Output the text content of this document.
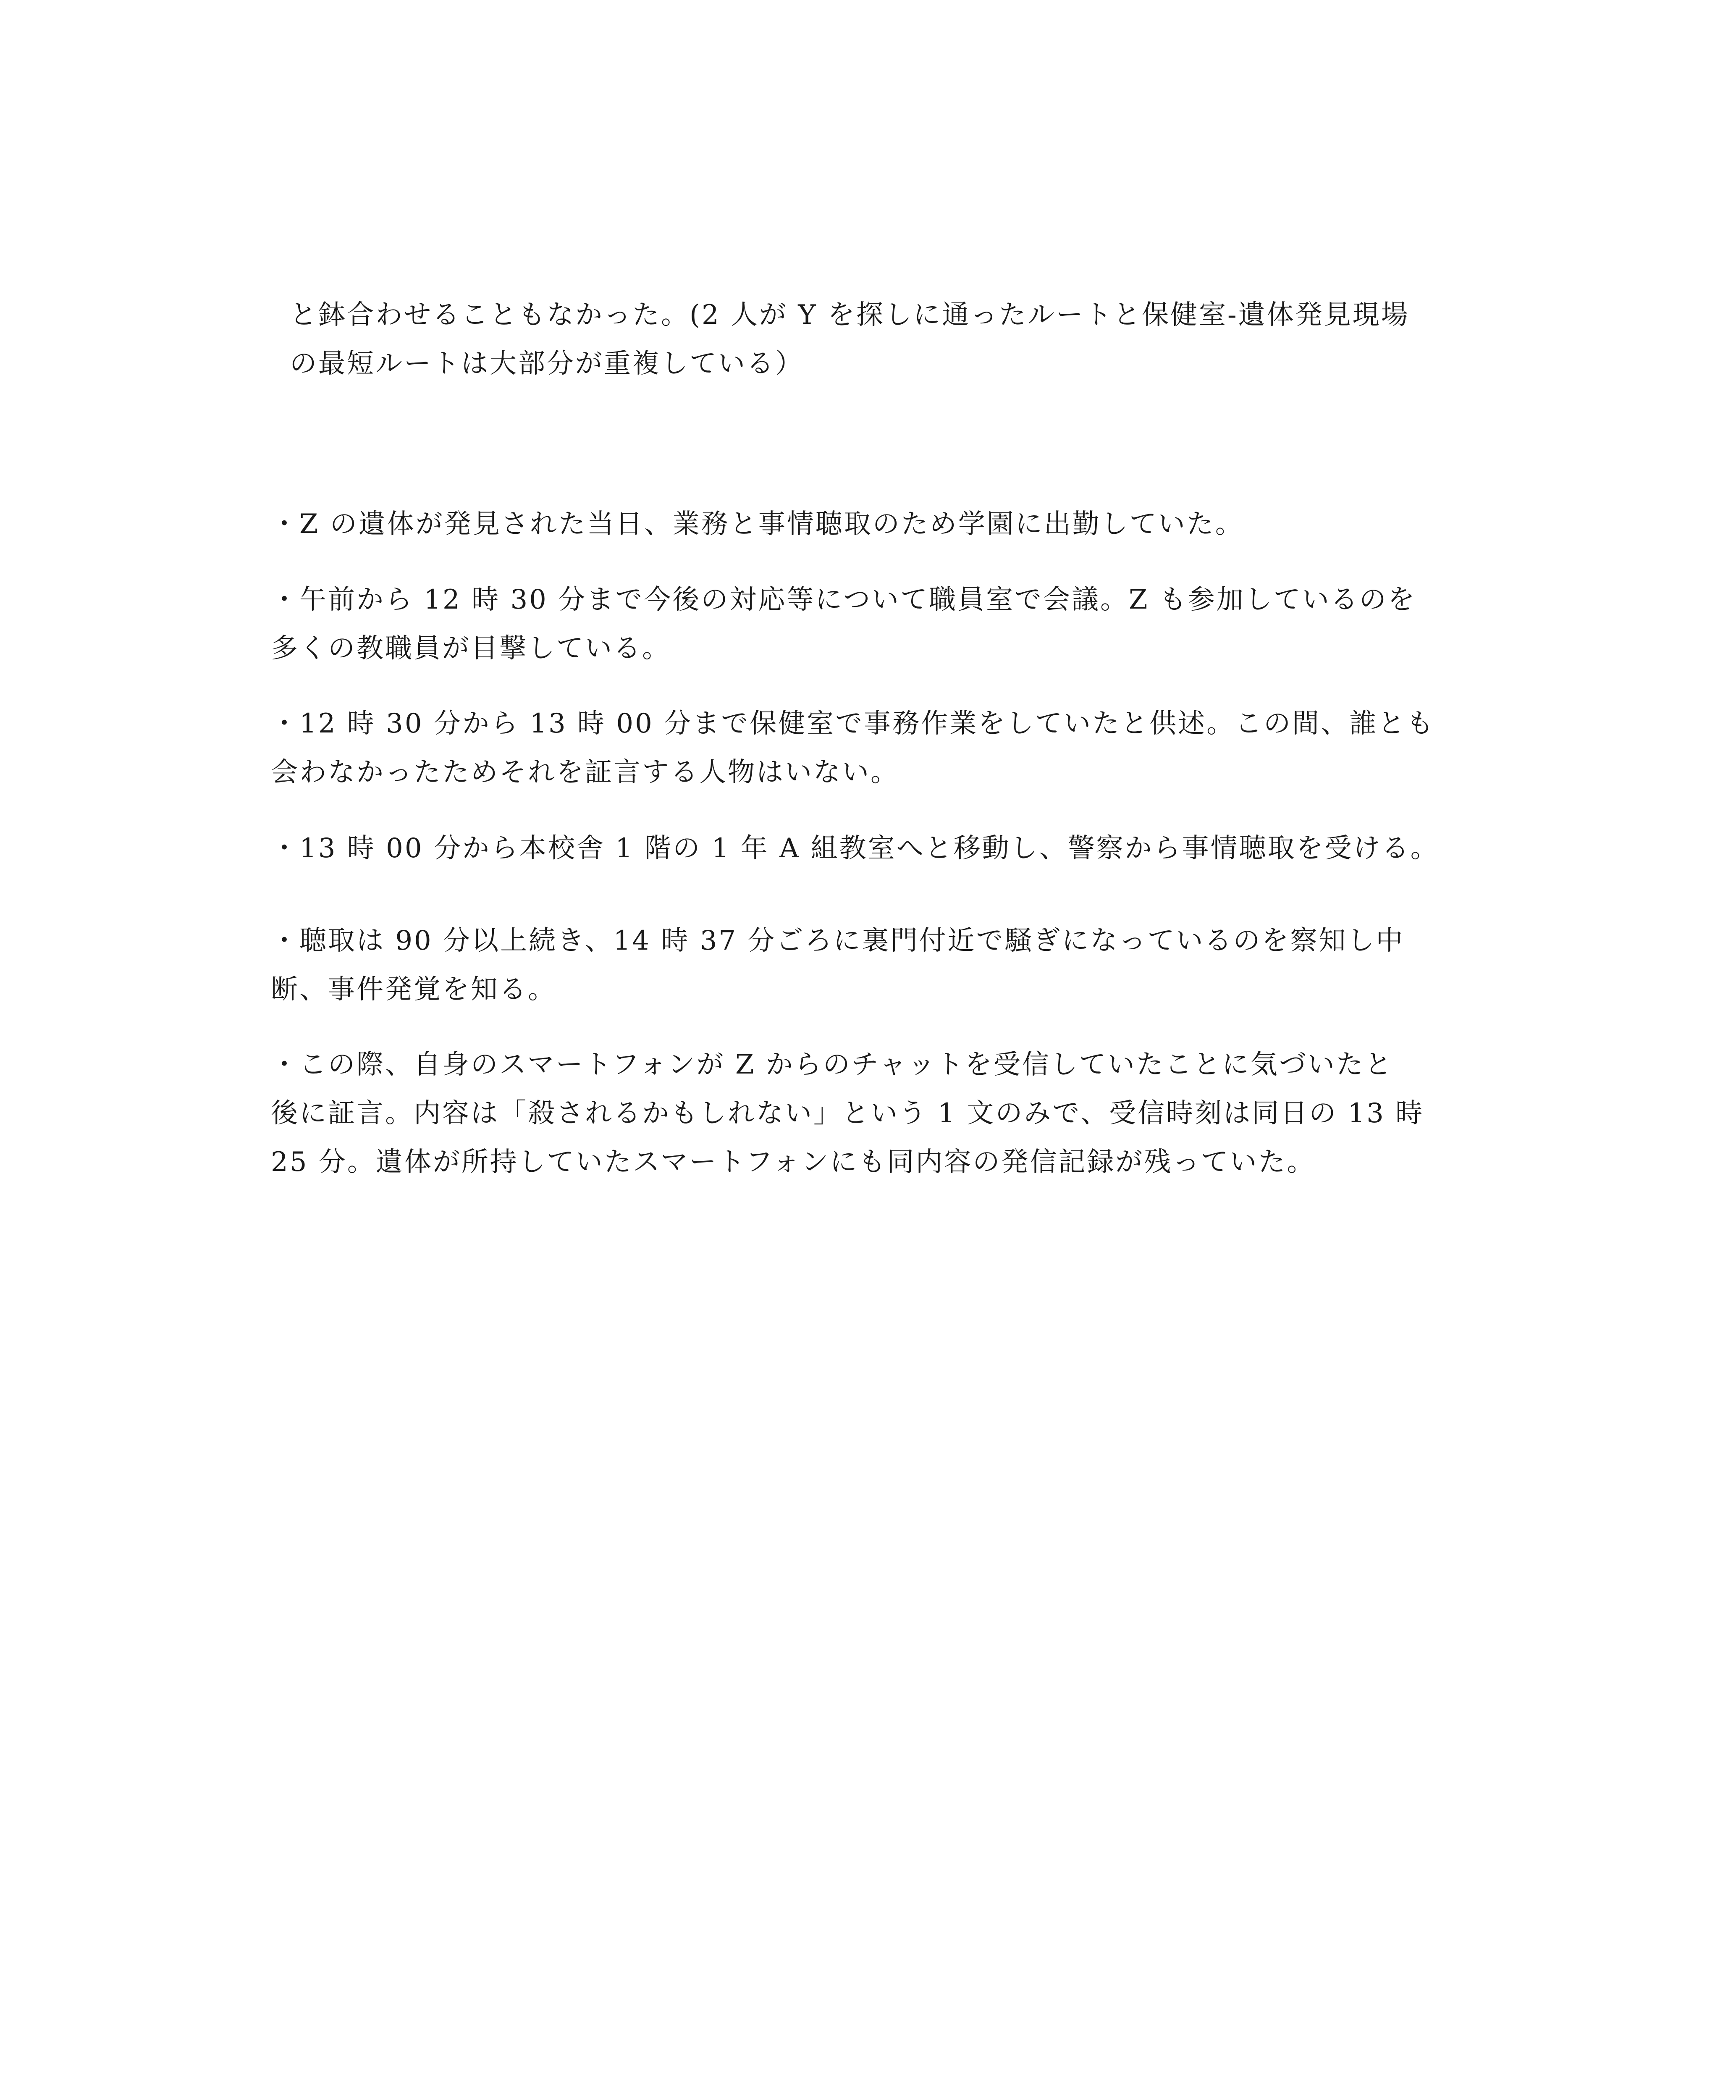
と鉢合わせることもなかった。(2 人が Y を探しに通ったルートと保健室-遺体発見現場
の最短ルートは大部分が重複している）

・Z の遺体が発見された当日、業務と事情聴取のため学園に出勤していた。

・午前から 12 時 30 分まで今後の対応等について職員室で会議。Z も参加しているのを
多くの教職員が目撃している。

・12 時 30 分から 13 時 00 分まで保健室で事務作業をしていたと供述。この間、誰とも
会わなかったためそれを証言する人物はいない。

・13 時 00 分から本校舎 1 階の 1 年 A 組教室へと移動し、警察から事情聴取を受ける。

・聴取は 90 分以上続き、14 時 37 分ごろに裏門付近で騒ぎになっているのを察知し中
断、事件発覚を知る。

・この際、自身のスマートフォンが Z からのチャットを受信していたことに気づいたと
後に証言。内容は「殺されるかもしれない」という 1 文のみで、受信時刻は同日の 13 時
25 分。遺体が所持していたスマートフォンにも同内容の発信記録が残っていた。
